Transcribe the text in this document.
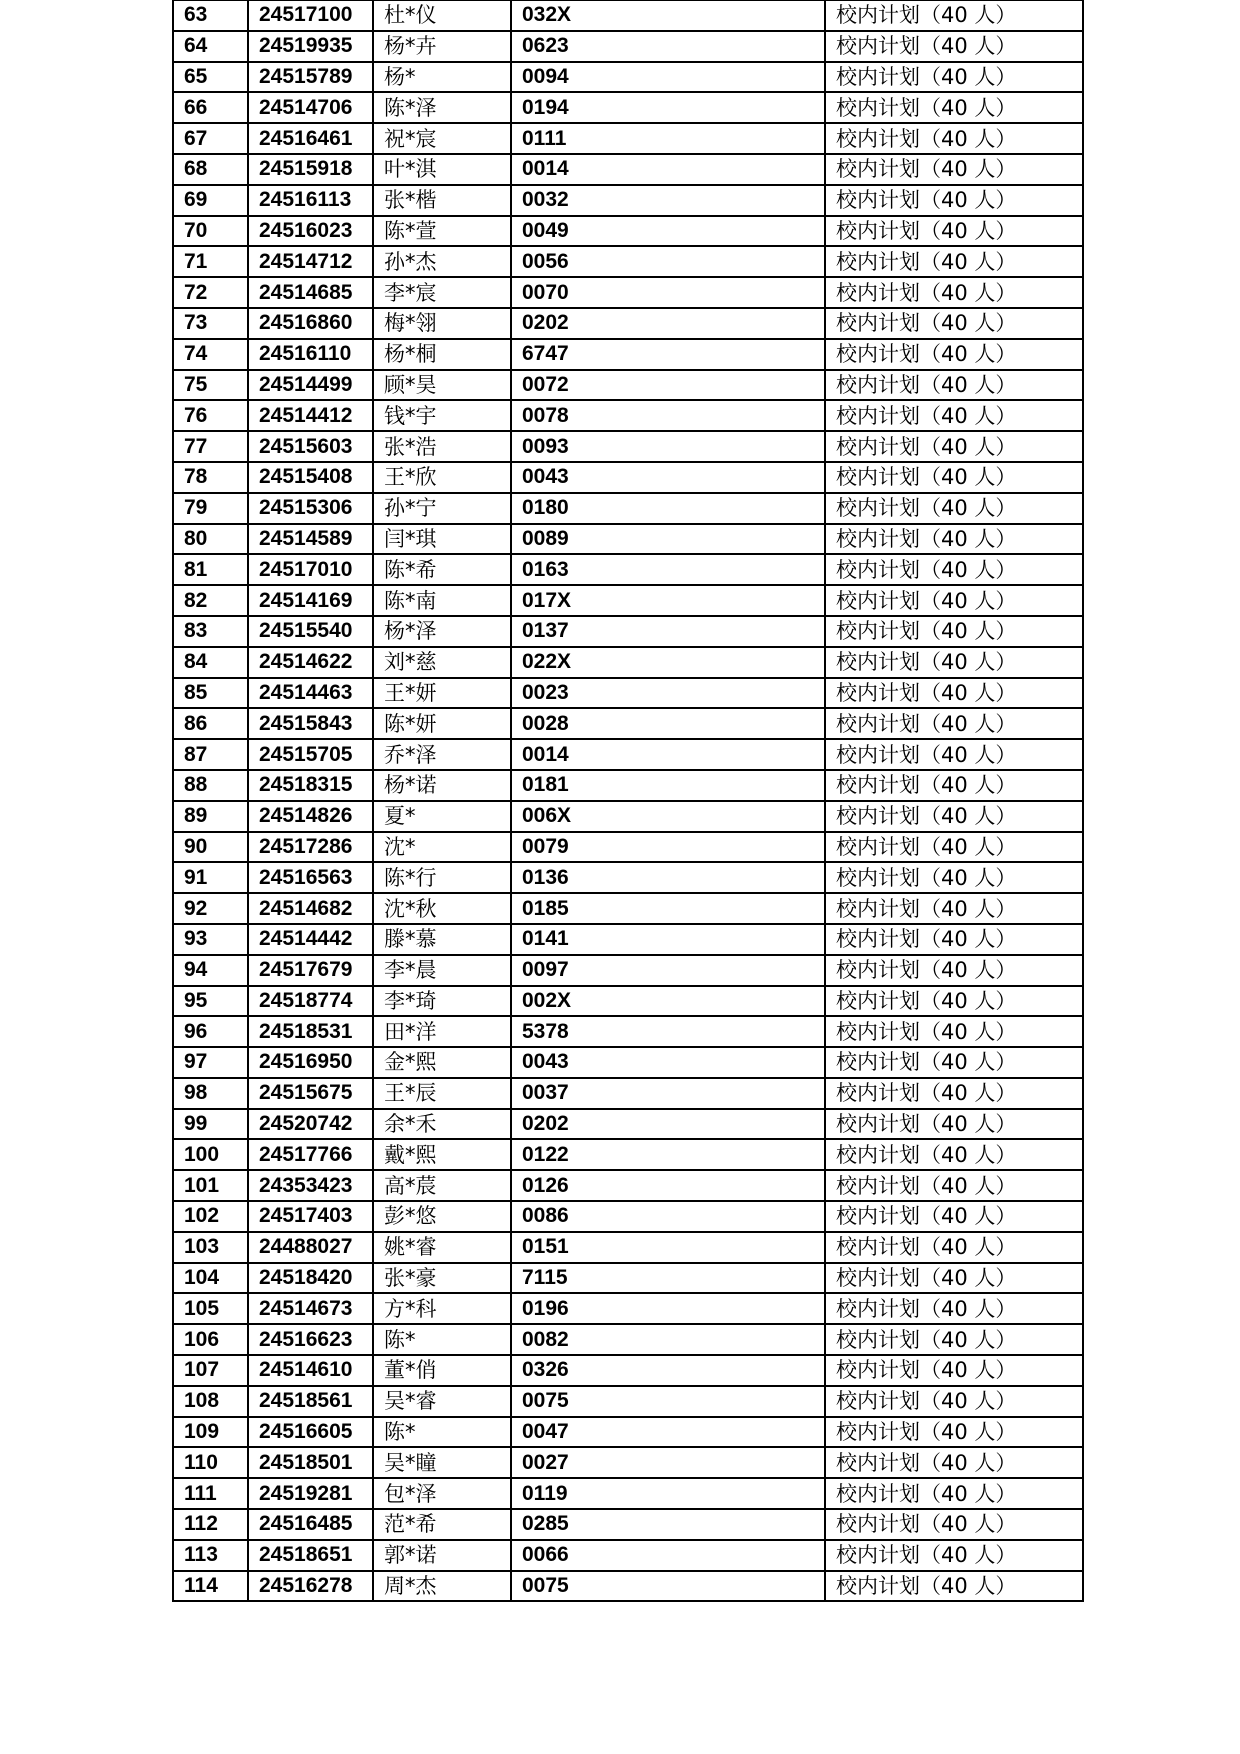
63	24517100	杜*仪	032X	校内计划（40 人）
64	24519935	杨*卉	0623	校内计划（40 人）
65	24515789	杨*	0094	校内计划（40 人）
66	24514706	陈*泽	0194	校内计划（40 人）
67	24516461	祝*宸	0111	校内计划（40 人）
68	24515918	叶*淇	0014	校内计划（40 人）
69	24516113	张*楷	0032	校内计划（40 人）
70	24516023	陈*萱	0049	校内计划（40 人）
71	24514712	孙*杰	0056	校内计划（40 人）
72	24514685	李*宸	0070	校内计划（40 人）
73	24516860	梅*翎	0202	校内计划（40 人）
74	24516110	杨*桐	6747	校内计划（40 人）
75	24514499	顾*昊	0072	校内计划（40 人）
76	24514412	钱*宇	0078	校内计划（40 人）
77	24515603	张*浩	0093	校内计划（40 人）
78	24515408	王*欣	0043	校内计划（40 人）
79	24515306	孙*宁	0180	校内计划（40 人）
80	24514589	闫*琪	0089	校内计划（40 人）
81	24517010	陈*希	0163	校内计划（40 人）
82	24514169	陈*南	017X	校内计划（40 人）
83	24515540	杨*泽	0137	校内计划（40 人）
84	24514622	刘*慈	022X	校内计划（40 人）
85	24514463	王*妍	0023	校内计划（40 人）
86	24515843	陈*妍	0028	校内计划（40 人）
87	24515705	乔*泽	0014	校内计划（40 人）
88	24518315	杨*诺	0181	校内计划（40 人）
89	24514826	夏*	006X	校内计划（40 人）
90	24517286	沈*	0079	校内计划（40 人）
91	24516563	陈*行	0136	校内计划（40 人）
92	24514682	沈*秋	0185	校内计划（40 人）
93	24514442	滕*慕	0141	校内计划（40 人）
94	24517679	李*晨	0097	校内计划（40 人）
95	24518774	李*琦	002X	校内计划（40 人）
96	24518531	田*洋	5378	校内计划（40 人）
97	24516950	金*熙	0043	校内计划（40 人）
98	24515675	王*辰	0037	校内计划（40 人）
99	24520742	余*禾	0202	校内计划（40 人）
100	24517766	戴*熙	0122	校内计划（40 人）
101	24353423	高*莀	0126	校内计划（40 人）
102	24517403	彭*悠	0086	校内计划（40 人）
103	24488027	姚*睿	0151	校内计划（40 人）
104	24518420	张*豪	7115	校内计划（40 人）
105	24514673	方*科	0196	校内计划（40 人）
106	24516623	陈*	0082	校内计划（40 人）
107	24514610	董*俏	0326	校内计划（40 人）
108	24518561	吴*睿	0075	校内计划（40 人）
109	24516605	陈*	0047	校内计划（40 人）
110	24518501	吴*瞳	0027	校内计划（40 人）
111	24519281	包*泽	0119	校内计划（40 人）
112	24516485	范*希	0285	校内计划（40 人）
113	24518651	郭*诺	0066	校内计划（40 人）
114	24516278	周*杰	0075	校内计划（40 人）
